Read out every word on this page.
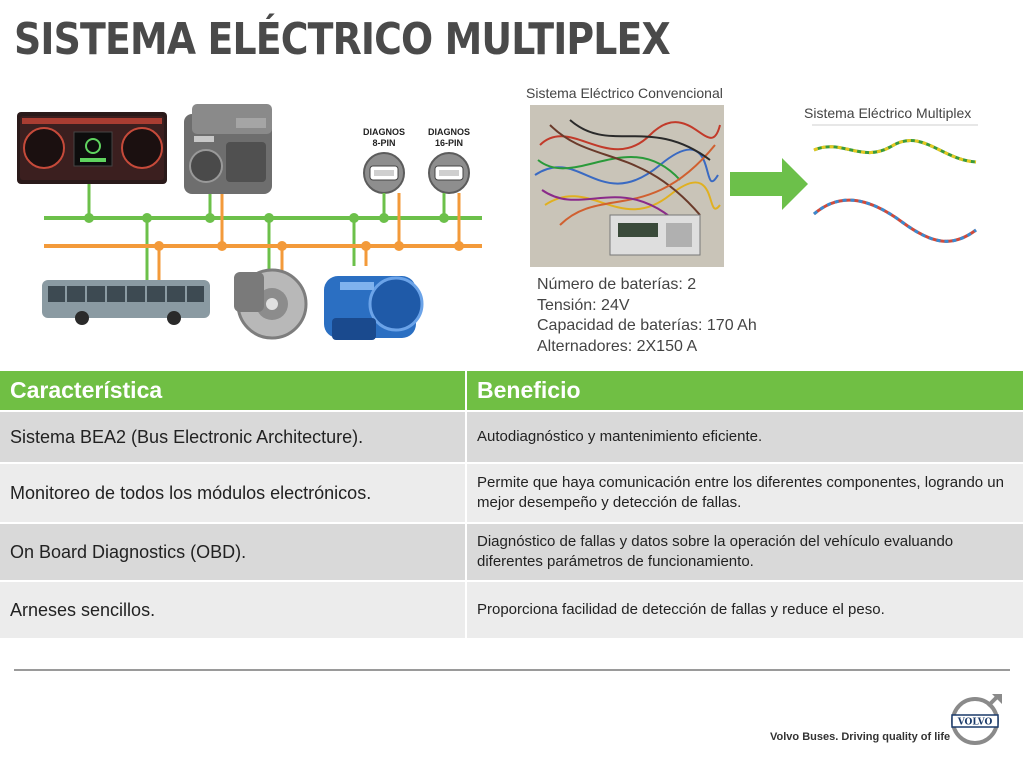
SISTEMA ELÉCTRICO MULTIPLEX
DIAGNOS
8-PIN
DIAGNOS
16-PIN
Sistema Eléctrico Convencional
Sistema Eléctrico Multiplex
Número de baterías: 2
Tensión: 24V
Capacidad de baterías: 170 Ah
Alternadores: 2X150 A
Característica	Beneficio
Sistema BEA2 (Bus Electronic Architecture).	Autodiagnóstico y mantenimiento eficiente.
Monitoreo de todos los módulos electrónicos.	Permite que haya comunicación entre los diferentes componentes, logrando un mejor desempeño y detección de fallas.
On Board Diagnostics (OBD).	Diagnóstico de fallas y datos sobre la operación del vehículo evaluando diferentes parámetros de funcionamiento.
Arneses sencillos.	Proporciona facilidad de detección de fallas y reduce el peso.
Volvo Buses. Driving quality of life
VOLVO
